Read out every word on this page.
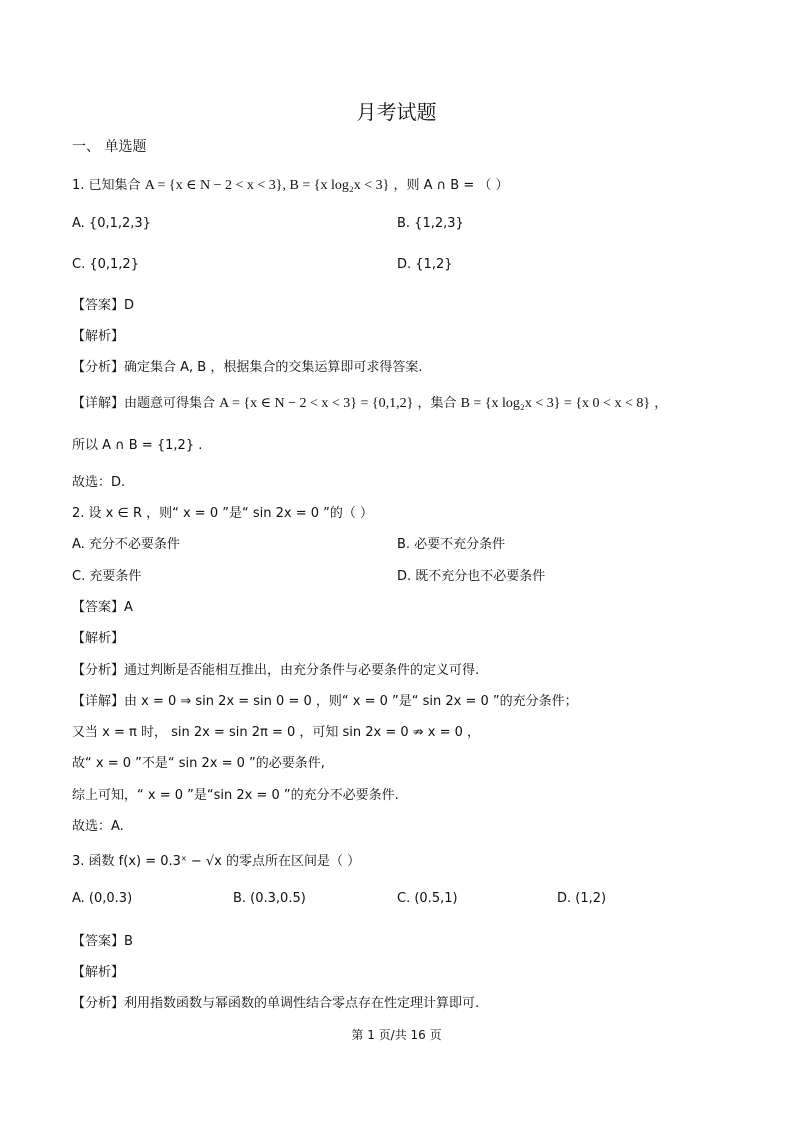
月考试题
一、 单选题
1. 已知集合 A = {x ∈ N − 2 < x < 3}, B = {x log₂x < 3} ，则 A ∩ B = （ ）
A. {0,1,2,3}	B. {1,2,3}
C. {0,1,2}	D. {1,2}
【答案】D
【解析】
【分析】确定集合 A, B ，根据集合的交集运算即可求得答案.
【详解】由题意可得集合 A = {x ∈ N − 2 < x < 3} = {0,1,2} ，集合 B = {x log₂x < 3} = {x 0 < x < 8} ，
所以 A ∩ B = {1,2} .
故选：D.
2. 设 x ∈ R ，则“ x = 0 ”是“ sin 2x = 0 ”的（ ）
A. 充分不必要条件	B. 必要不充分条件
C. 充要条件	D. 既不充分也不必要条件
【答案】A
【解析】
【分析】通过判断是否能相互推出，由充分条件与必要条件的定义可得.
【详解】由 x = 0 ⇒ sin 2x = sin 0 = 0 ，则“ x = 0 ”是“ sin 2x = 0 ”的充分条件；
又当 x = π 时， sin 2x = sin 2π = 0 ，可知 sin 2x = 0 ⇏ x = 0 ，
故“ x = 0 ”不是“ sin 2x = 0 ”的必要条件,
综上可知，“ x = 0 ”是“sin 2x = 0 ”的充分不必要条件.
故选：A.
3. 函数 f(x) = 0.3ˣ − √x 的零点所在区间是（ ）
A. (0,0.3)	B. (0.3,0.5)	C. (0.5,1)	D. (1,2)
【答案】B
【解析】
【分析】利用指数函数与幂函数的单调性结合零点存在性定理计算即可.
第 1 页/共 16 页
